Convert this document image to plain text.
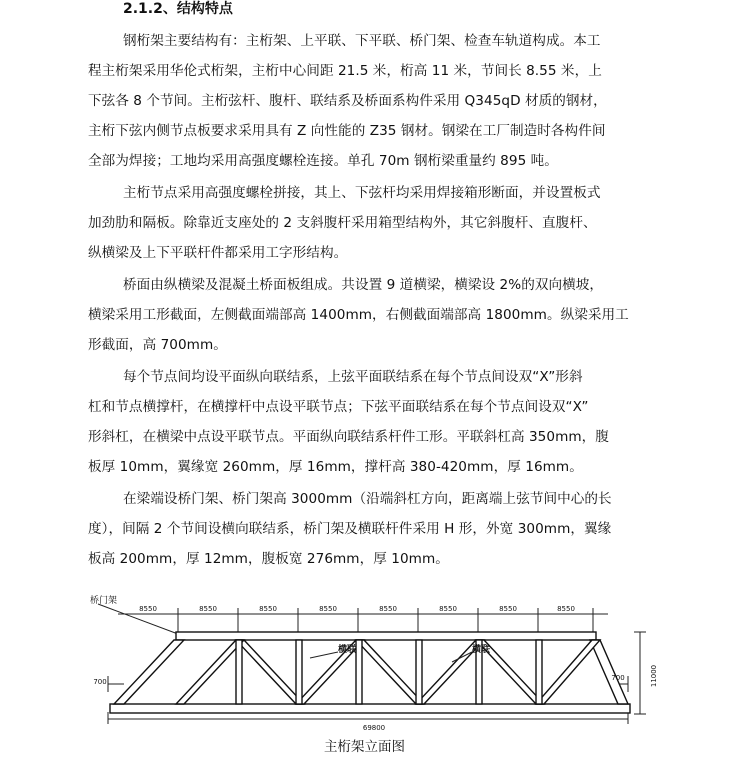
2.1.2、结构特点
钢桁架主要结构有：主桁架、上平联、下平联、桥门架、检查车轨道构成。本工
程主桁架采用华伦式桁架，主桁中心间距 21.5 米，桁高 11 米，节间长 8.55 米，上
下弦各 8 个节间。主桁弦杆、腹杆、联结系及桥面系构件采用 Q345qD 材质的钢材，
主桁下弦内侧节点板要求采用具有 Z 向性能的 Z35 钢材。钢梁在工厂制造时各构件间
全部为焊接；工地均采用高强度螺栓连接。单孔 70m 钢桁梁重量约 895 吨。
主桁节点采用高强度螺栓拼接，其上、下弦杆均采用焊接箱形断面，并设置板式
加劲肋和隔板。除靠近支座处的 2 支斜腹杆采用箱型结构外，其它斜腹杆、直腹杆、
纵横梁及上下平联杆件都采用工字形结构。
桥面由纵横梁及混凝土桥面板组成。共设置 9 道横梁，横梁设 2%的双向横坡，
横梁采用工形截面，左侧截面端部高 1400mm，右侧截面端部高 1800mm。纵梁采用工
形截面，高 700mm。
每个节点间均设平面纵向联结系，上弦平面联结系在每个节点间设双“X”形斜
杠和节点横撑杆，在横撑杆中点设平联节点；下弦平面联结系在每个节点间设双“X”
形斜杠，在横梁中点设平联节点。平面纵向联结系杆件工形。平联斜杠高 350mm，腹
板厚 10mm，翼缘宽 260mm，厚 16mm，撑杆高 380-420mm，厚 16mm。
在梁端设桥门架、桥门架高 3000mm（沿端斜杠方向，距离端上弦节间中心的长
度），间隔 2 个节间设横向联结系，桥门架及横联杆件采用 H 形，外宽 300mm，翼缘
板高 200mm，厚 12mm，腹板宽 276mm，厚 10mm。
桥门架
横联	横联
8550	8550	8550	8550	8550	8550	8550	8550
69800
700	700	11000
主桁架立面图
